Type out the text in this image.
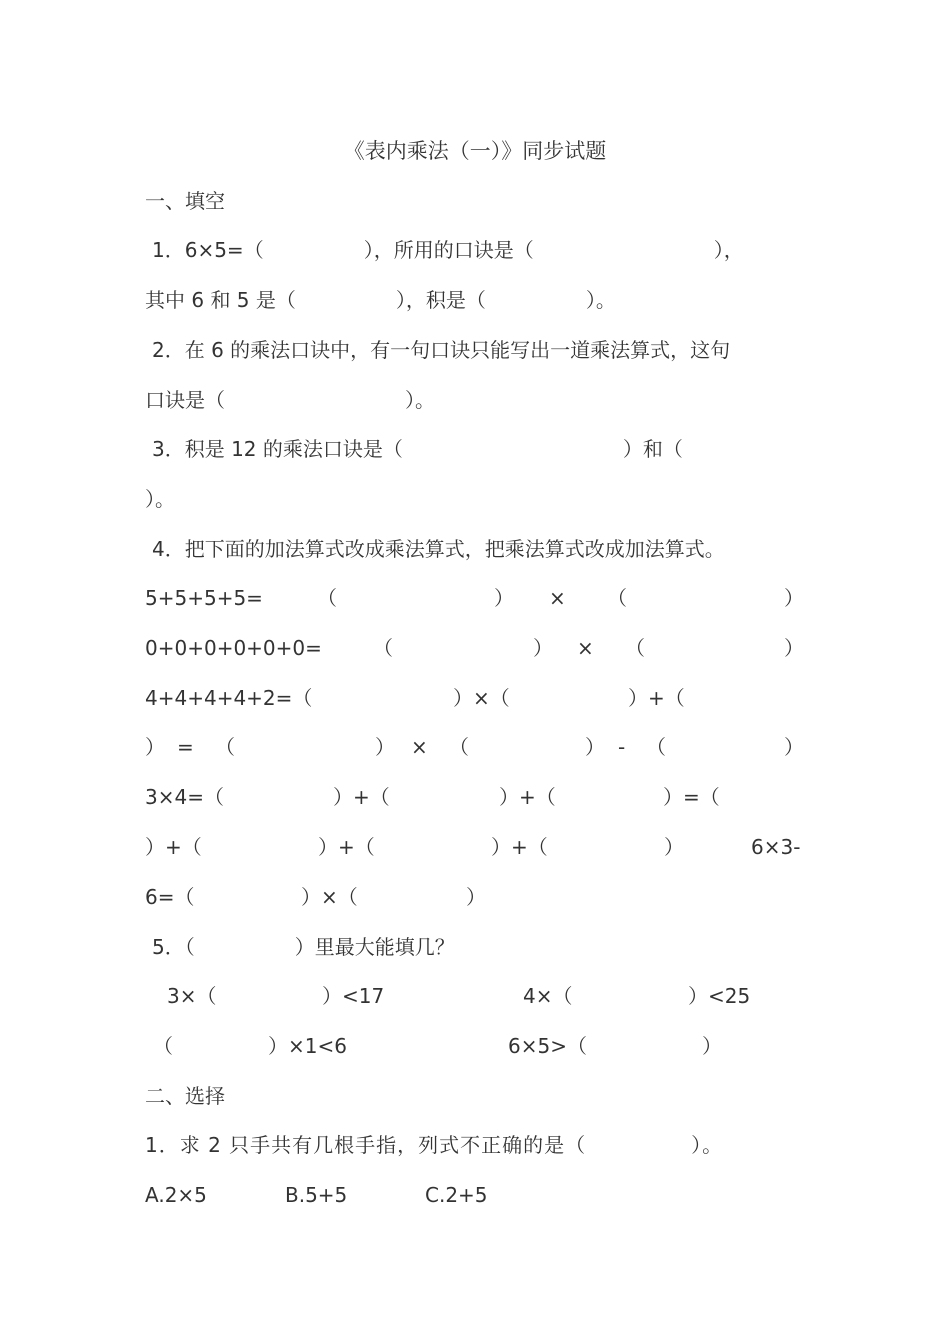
《表内乘法（一）》同步试题
一、填空
1．6×5=（　　　　　），所用的口诀是（　　　　　　　　　），
其中 6 和 5 是（　　　　　），积是（　　　　　）。
2．在 6 的乘法口诀中，有一句口诀只能写出一道乘法算式，这句
口诀是（　　　　　　　　　）。
3．积是 12 的乘法口诀是（　　　　　　　　　　　）和（
）。
4．把下面的加法算式改成乘法算式，把乘法算式改成加法算式。
5+5+5+5=	（	） × （	）
0+0+0+0+0+0=	（	） × （	）
4+4+4+4+2=（	）×（	）+（
） = （	） × （	） - （	）
3×4=（	）+（	）+（	）=（
）+（	）+（	）+（	）	6×3-
6=（	）×（	）
5．（　　　　　）里最大能填几？
3×（	）<17	4×（	）<25
（	）×1<6	6×5>（	）
二、选择
1．求 2 只手共有几根手指，列式不正确的是（　　　　　）。
A.2×5	B.5+5	C.2+5
